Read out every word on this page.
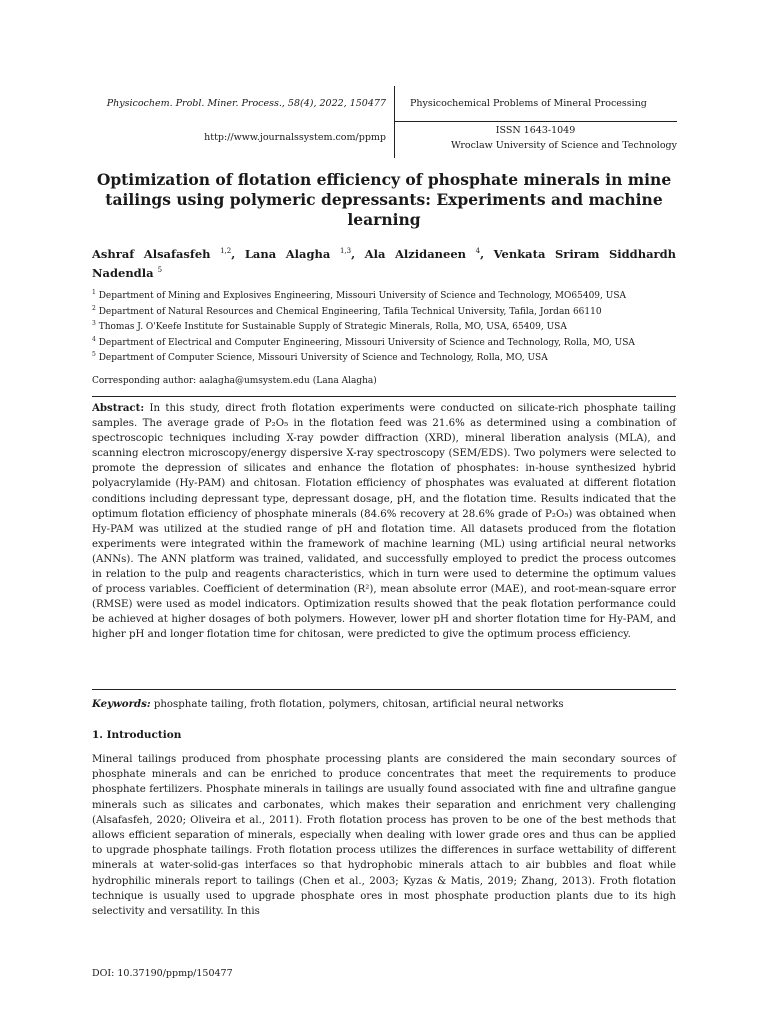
Physicochem. Probl. Miner. Process., 58(4), 2022, 150477
http://www.journalssystem.com/ppmp
Physicochemical Problems of Mineral Processing
ISSN 1643-1049
Wroclaw University of Science and Technology
Optimization of flotation efficiency of phosphate minerals in mine tailings using polymeric depressants: Experiments and machine learning
Ashraf Alsafasfeh $^{1,2}$, Lana Alagha $^{1,3}$, Ala Alzidaneen $^4$, Venkata Sriram Siddhardh Nadendla $^5$
$^1$ Department of Mining and Explosives Engineering, Missouri University of Science and Technology, MO65409, USA
$^2$ Department of Natural Resources and Chemical Engineering, Tafila Technical University, Tafila, Jordan 66110
$^3$ Thomas J. O'Keefe Institute for Sustainable Supply of Strategic Minerals, Rolla, MO, USA, 65409, USA
$^4$ Department of Electrical and Computer Engineering, Missouri University of Science and Technology, Rolla, MO, USA
$^5$ Department of Computer Science, Missouri University of Science and Technology, Rolla, MO, USA
Corresponding author: aalagha@umsystem.edu (Lana Alagha)
Abstract: In this study, direct froth flotation experiments were conducted on silicate-rich phosphate tailing samples. The average grade of P₂O₅ in the flotation feed was 21.6% as determined using a combination of spectroscopic techniques including X-ray powder diffraction (XRD), mineral liberation analysis (MLA), and scanning electron microscopy/energy dispersive X-ray spectroscopy (SEM/EDS). Two polymers were selected to promote the depression of silicates and enhance the flotation of phosphates: in-house synthesized hybrid polyacrylamide (Hy-PAM) and chitosan. Flotation efficiency of phosphates was evaluated at different flotation conditions including depressant type, depressant dosage, pH, and the flotation time. Results indicated that the optimum flotation efficiency of phosphate minerals (84.6% recovery at 28.6% grade of P₂O₅) was obtained when Hy-PAM was utilized at the studied range of pH and flotation time. All datasets produced from the flotation experiments were integrated within the framework of machine learning (ML) using artificial neural networks (ANNs). The ANN platform was trained, validated, and successfully employed to predict the process outcomes in relation to the pulp and reagents characteristics, which in turn were used to determine the optimum values of process variables. Coefficient of determination (R²), mean absolute error (MAE), and root-mean-square error (RMSE) were used as model indicators. Optimization results showed that the peak flotation performance could be achieved at higher dosages of both polymers. However, lower pH and shorter flotation time for Hy-PAM, and higher pH and longer flotation time for chitosan, were predicted to give the optimum process efficiency.
Keywords: phosphate tailing, froth flotation, polymers, chitosan, artificial neural networks
1. Introduction
Mineral tailings produced from phosphate processing plants are considered the main secondary sources of phosphate minerals and can be enriched to produce concentrates that meet the requirements to produce phosphate fertilizers. Phosphate minerals in tailings are usually found associated with fine and ultrafine gangue minerals such as silicates and carbonates, which makes their separation and enrichment very challenging (Alsafasfeh, 2020; Oliveira et al., 2011). Froth flotation process has proven to be one of the best methods that allows efficient separation of minerals, especially when dealing with lower grade ores and thus can be applied to upgrade phosphate tailings. Froth flotation process utilizes the differences in surface wettability of different minerals at water-solid-gas interfaces so that hydrophobic minerals attach to air bubbles and float while hydrophilic minerals report to tailings (Chen et al., 2003; Kyzas & Matis, 2019; Zhang, 2013). Froth flotation technique is usually used to upgrade phosphate ores in most phosphate production plants due to its high selectivity and versatility. In this
DOI: 10.37190/ppmp/150477
